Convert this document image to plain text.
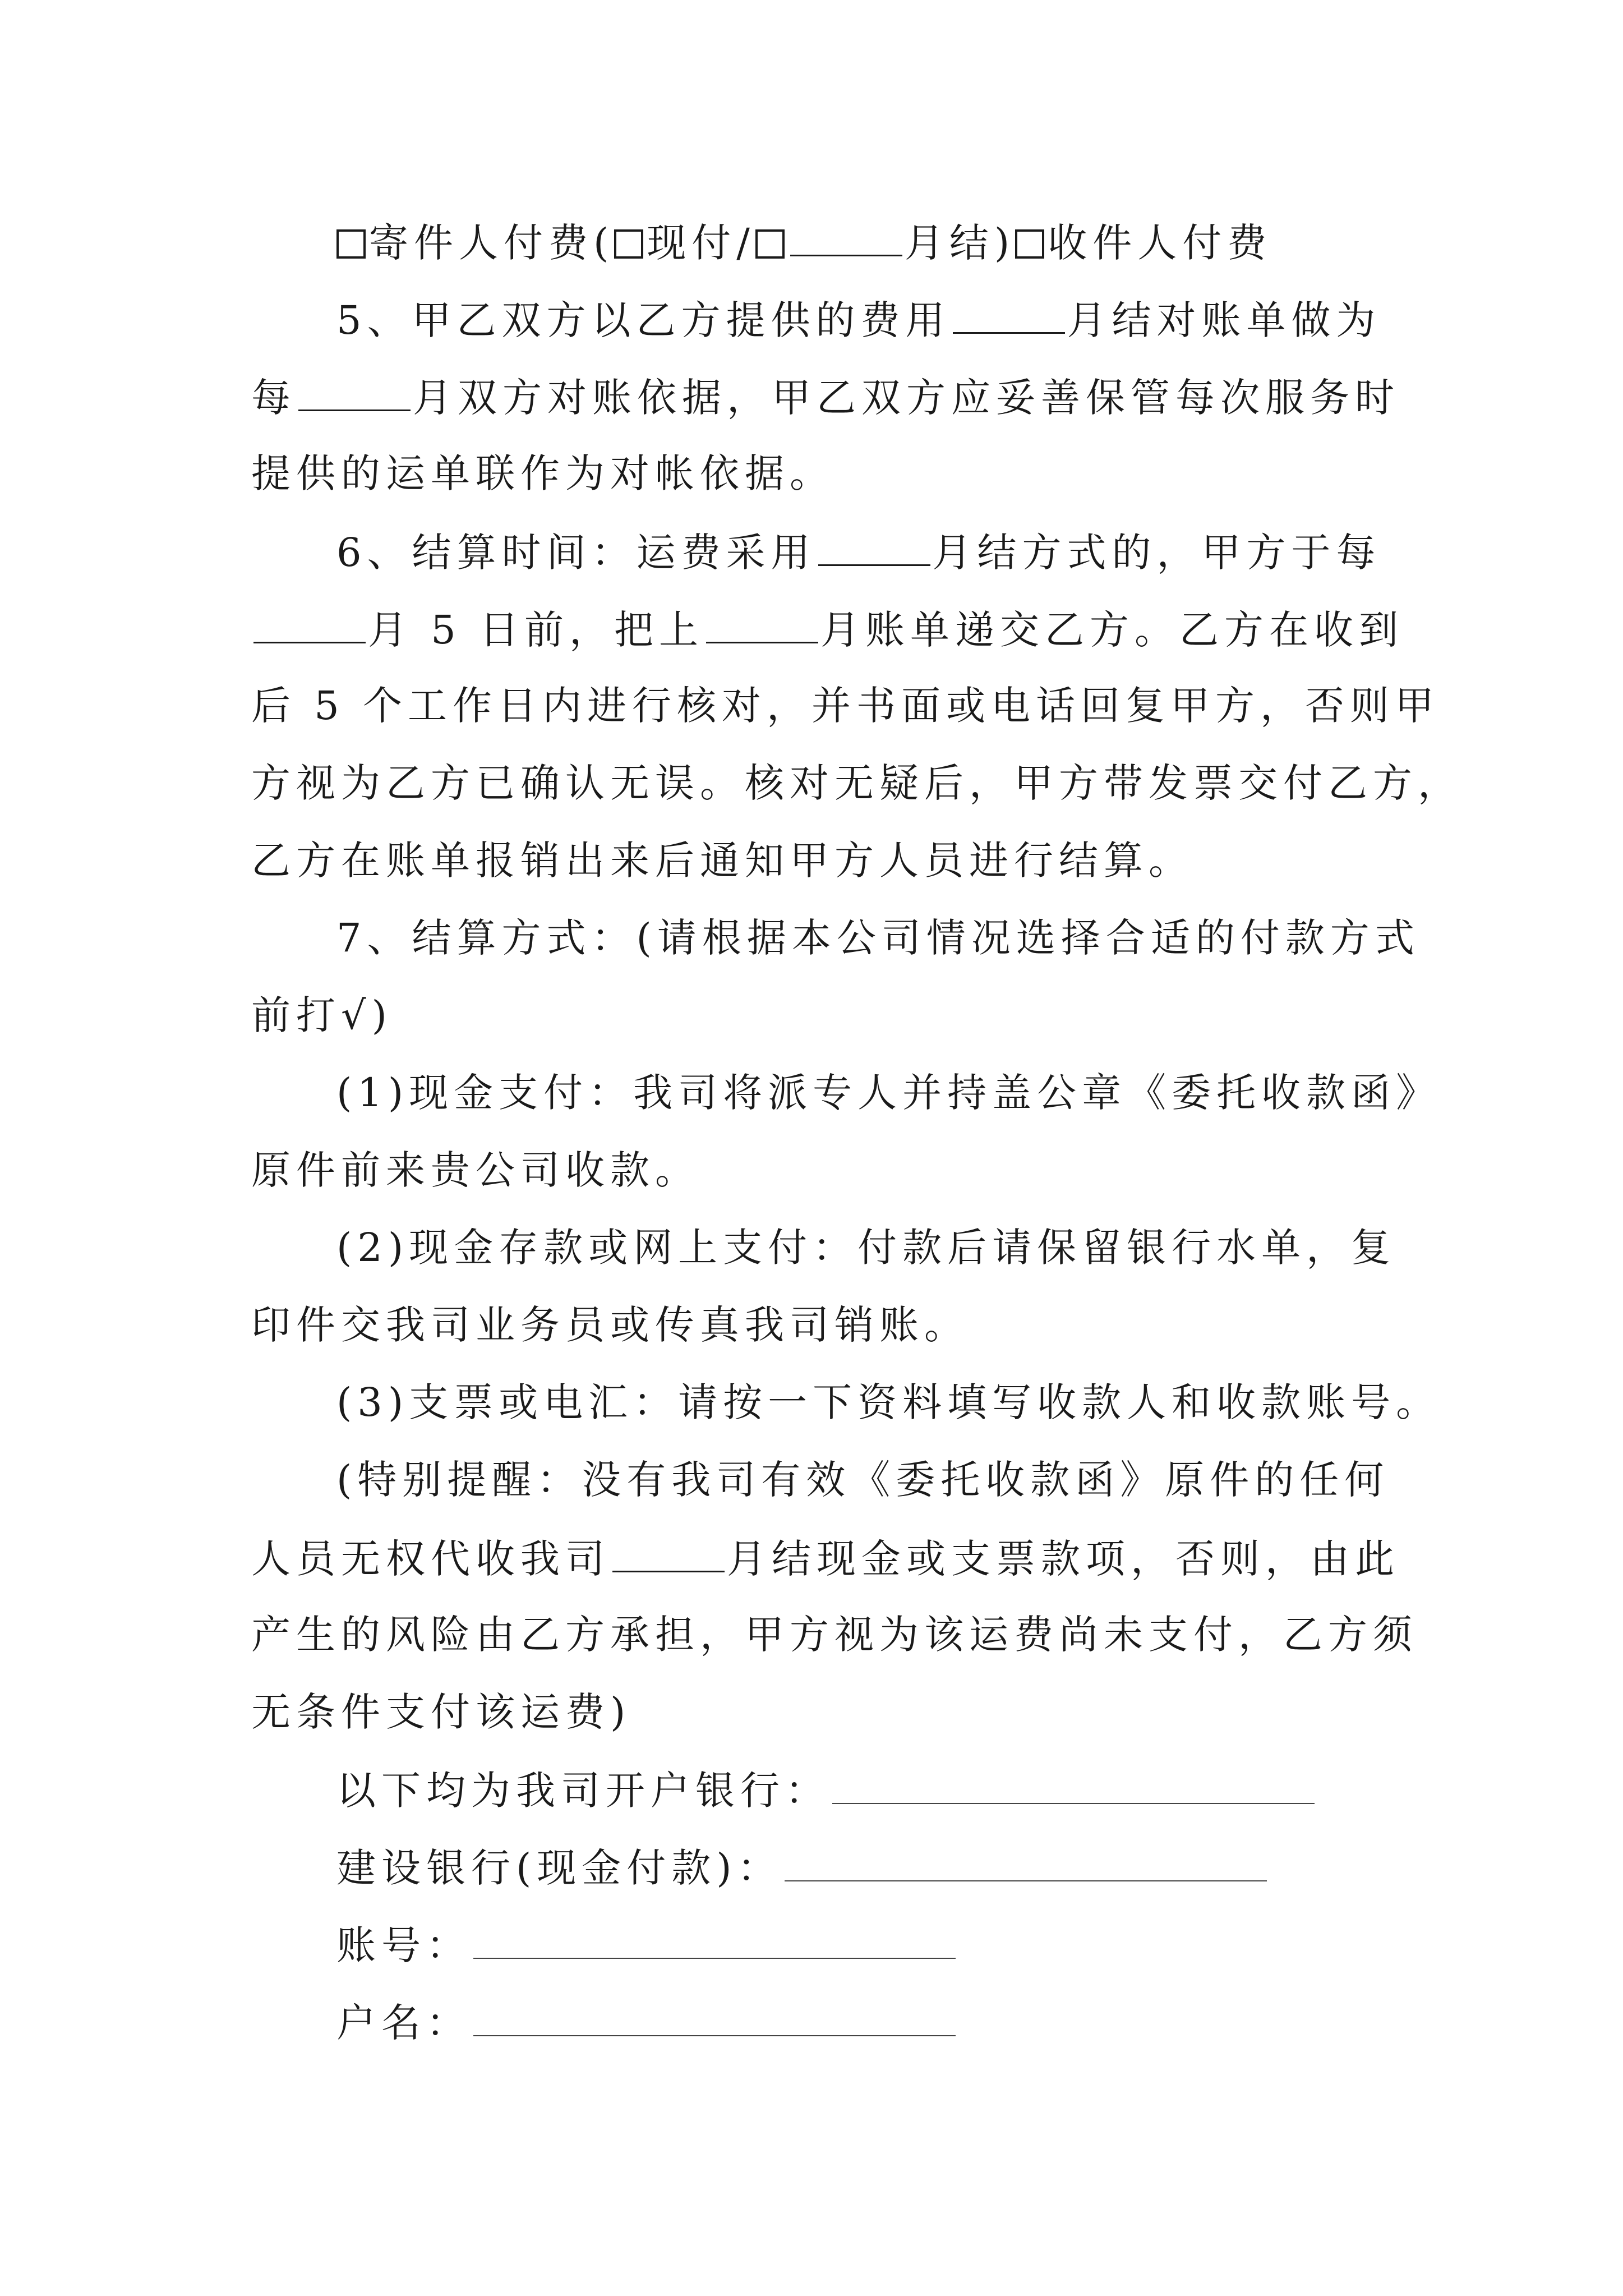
寄件人付费( 现付/	月结) 收件人付费
5、甲乙双方以乙方提供的费用	月结对账单做为
每	月双方对账依据，甲乙双方应妥善保管每次服务时
提供的运单联作为对帐依据。
6、结算时间：运费采用	月结方式的，甲方于每
月 5 日前，把上	月账单递交乙方。乙方在收到
后 5 个工作日内进行核对，并书面或电话回复甲方，否则甲
方视为乙方已确认无误。核对无疑后，甲方带发票交付乙方，
乙方在账单报销出来后通知甲方人员进行结算。
7、结算方式：(请根据本公司情况选择合适的付款方式
前打√)
(1)现金支付：我司将派专人并持盖公章《委托收款函》
原件前来贵公司收款。
(2)现金存款或网上支付：付款后请保留银行水单，复
印件交我司业务员或传真我司销账。
(3)支票或电汇：请按一下资料填写收款人和收款账号。
(特别提醒：没有我司有效《委托收款函》原件的任何
人员无权代收我司	月结现金或支票款项，否则，由此
产生的风险由乙方承担，甲方视为该运费尚未支付，乙方须
无条件支付该运费)
以下均为我司开户银行：
建设银行(现金付款)：
账号：
户名：
